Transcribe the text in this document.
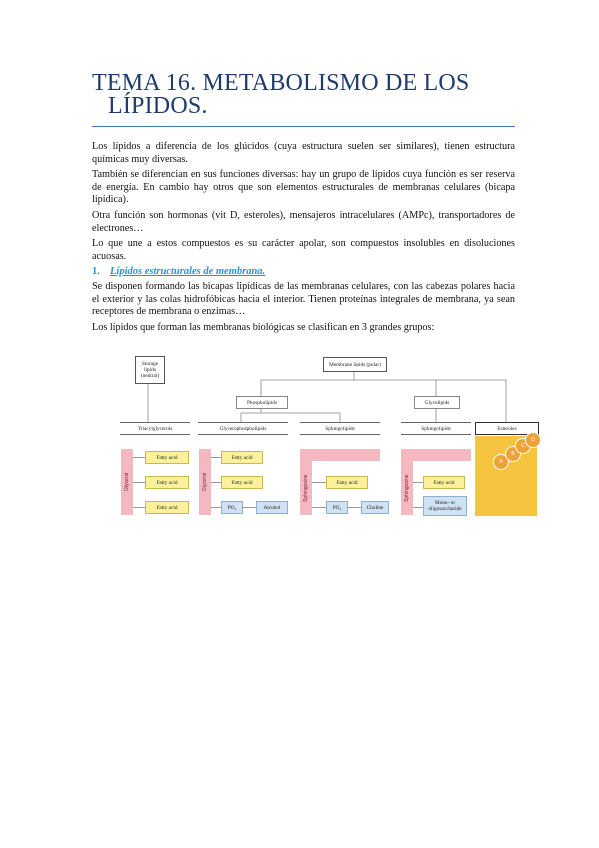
TEMA 16. METABOLISMO DE LOS
LÍPIDOS.

Los lípidos a diferencia de los glúcidos (cuya estructura suelen ser similares), tienen estructura químicas muy diversas.

También se diferencian en sus funciones diversas: hay un grupo de lípidos cuya función es ser reserva de energía. En cambio hay otros que son elementos estructurales de membranas celulares (bicapa lipídica).

Otra función son hormonas (vit D, esteroles), mensajeros intracelulares (AMPc), transportadores de electrones…

Lo que une a estos compuestos es su carácter apolar, son compuestos insolubles en disoluciones acuosas.

1. Lípidos estructurales de membrana.

Se disponen formando las bicapas lipídicas de las membranas celulares, con las cabezas polares hacia el exterior y las colas hidrofóbicas hacia el interior. Tienen proteínas integrales de membrana, ya sean receptores de membrana o enzimas…

Los lípidos que forman las membranas biológicas se clasifican en 3 grandes grupos:

Storage lipids (neutral)
Membrane lipids (polar)
Phospholipids	Glycolipids
Triacylglycerols	Glycerophospholipids	Sphingolipids	Sphingolipids	Esteroles
Glycerol
Fatty acid
Fatty acid
Fatty acid
Glycerol
Fatty acid
Fatty acid
PO₄	Alcohol
Sphingosine	Fatty acid
PO₄	Choline
Sphingosine	Fatty acid
Mono- or oligosaccharide
A
B
C
D
